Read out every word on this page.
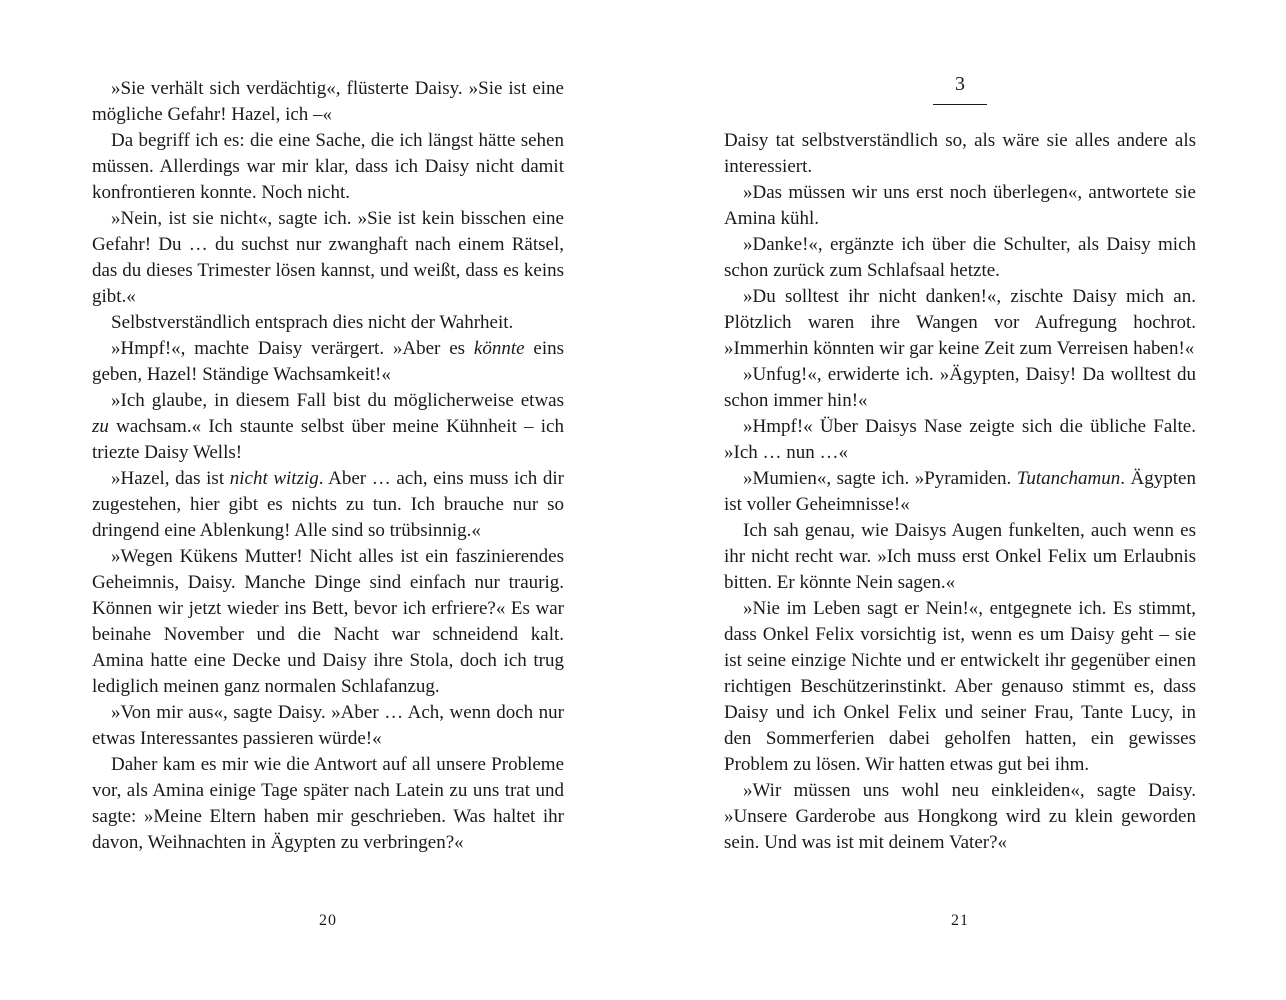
»Sie verhält sich verdächtig«, flüsterte Daisy. »Sie ist eine mögliche Gefahr! Hazel, ich –«

Da begriff ich es: die eine Sache, die ich längst hätte sehen müssen. Allerdings war mir klar, dass ich Daisy nicht damit konfrontieren konnte. Noch nicht.

»Nein, ist sie nicht«, sagte ich. »Sie ist kein bisschen eine Gefahr! Du … du suchst nur zwanghaft nach einem Rätsel, das du dieses Trimester lösen kannst, und weißt, dass es keins gibt.«

Selbstverständlich entsprach dies nicht der Wahrheit.

»Hmpf!«, machte Daisy verärgert. »Aber es könnte eins geben, Hazel! Ständige Wachsamkeit!«

»Ich glaube, in diesem Fall bist du möglicherweise etwas zu wachsam.« Ich staunte selbst über meine Kühnheit – ich triezte Daisy Wells!

»Hazel, das ist nicht witzig. Aber … ach, eins muss ich dir zugestehen, hier gibt es nichts zu tun. Ich brauche nur so dringend eine Ablenkung! Alle sind so trübsinnig.«

»Wegen Kükens Mutter! Nicht alles ist ein faszinierendes Geheimnis, Daisy. Manche Dinge sind einfach nur traurig. Können wir jetzt wieder ins Bett, bevor ich erfriere?« Es war beinahe November und die Nacht war schneidend kalt. Amina hatte eine Decke und Daisy ihre Stola, doch ich trug lediglich meinen ganz normalen Schlafanzug.

»Von mir aus«, sagte Daisy. »Aber … Ach, wenn doch nur etwas Interessantes passieren würde!«

Daher kam es mir wie die Antwort auf all unsere Probleme vor, als Amina einige Tage später nach Latein zu uns trat und sagte: »Meine Eltern haben mir geschrieben. Was haltet ihr davon, Weihnachten in Ägypten zu verbringen?«

20
3

Daisy tat selbstverständlich so, als wäre sie alles andere als interessiert.

»Das müssen wir uns erst noch überlegen«, antwortete sie Amina kühl.

»Danke!«, ergänzte ich über die Schulter, als Daisy mich schon zurück zum Schlafsaal hetzte.

»Du solltest ihr nicht danken!«, zischte Daisy mich an. Plötzlich waren ihre Wangen vor Aufregung hochrot. »Immerhin könnten wir gar keine Zeit zum Verreisen haben!«

»Unfug!«, erwiderte ich. »Ägypten, Daisy! Da wolltest du schon immer hin!«

»Hmpf!« Über Daisys Nase zeigte sich die übliche Falte. »Ich … nun …«

»Mumien«, sagte ich. »Pyramiden. Tutanchamun. Ägypten ist voller Geheimnisse!«

Ich sah genau, wie Daisys Augen funkelten, auch wenn es ihr nicht recht war. »Ich muss erst Onkel Felix um Erlaubnis bitten. Er könnte Nein sagen.«

»Nie im Leben sagt er Nein!«, entgegnete ich. Es stimmt, dass Onkel Felix vorsichtig ist, wenn es um Daisy geht – sie ist seine einzige Nichte und er entwickelt ihr gegenüber einen richtigen Beschützerinstinkt. Aber genauso stimmt es, dass Daisy und ich Onkel Felix und seiner Frau, Tante Lucy, in den Sommerferien dabei geholfen hatten, ein gewisses Problem zu lösen. Wir hatten etwas gut bei ihm.

»Wir müssen uns wohl neu einkleiden«, sagte Daisy. »Unsere Garderobe aus Hongkong wird zu klein geworden sein. Und was ist mit deinem Vater?«

21
